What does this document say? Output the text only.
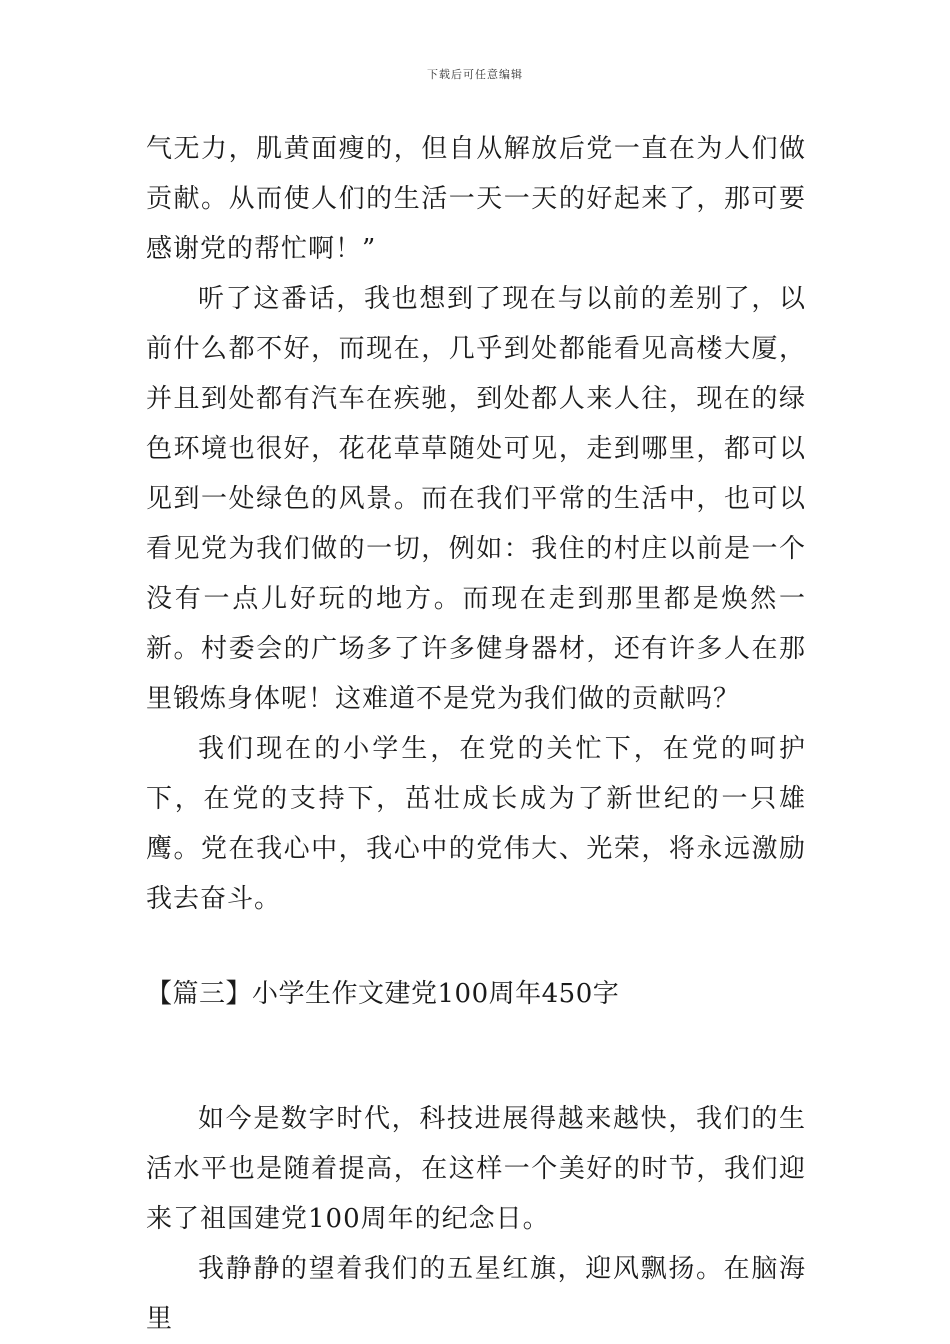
下载后可任意编辑

气无力，肌黄面瘦的，但自从解放后党一直在为人们做贡献。从而使人们的生活一天一天的好起来了，那可要感谢党的帮忙啊！”

听了这番话，我也想到了现在与以前的差别了，以前什么都不好，而现在，几乎到处都能看见高楼大厦，并且到处都有汽车在疾驰，到处都人来人往，现在的绿色环境也很好，花花草草随处可见，走到哪里，都可以见到一处绿色的风景。而在我们平常的生活中，也可以看见党为我们做的一切，例如：我住的村庄以前是一个没有一点儿好玩的地方。而现在走到那里都是焕然一新。村委会的广场多了许多健身器材，还有许多人在那里锻炼身体呢！这难道不是党为我们做的贡献吗？

我们现在的小学生，在党的关忙下，在党的呵护下，在党的支持下，茁壮成长成为了新世纪的一只雄鹰。党在我心中，我心中的党伟大、光荣，将永远激励我去奋斗。

【篇三】小学生作文建党100周年450字

如今是数字时代，科技进展得越来越快，我们的生活水平也是随着提高，在这样一个美好的时节，我们迎来了祖国建党100周年的纪念日。

我静静的望着我们的五星红旗，迎风飘扬。在脑海里
